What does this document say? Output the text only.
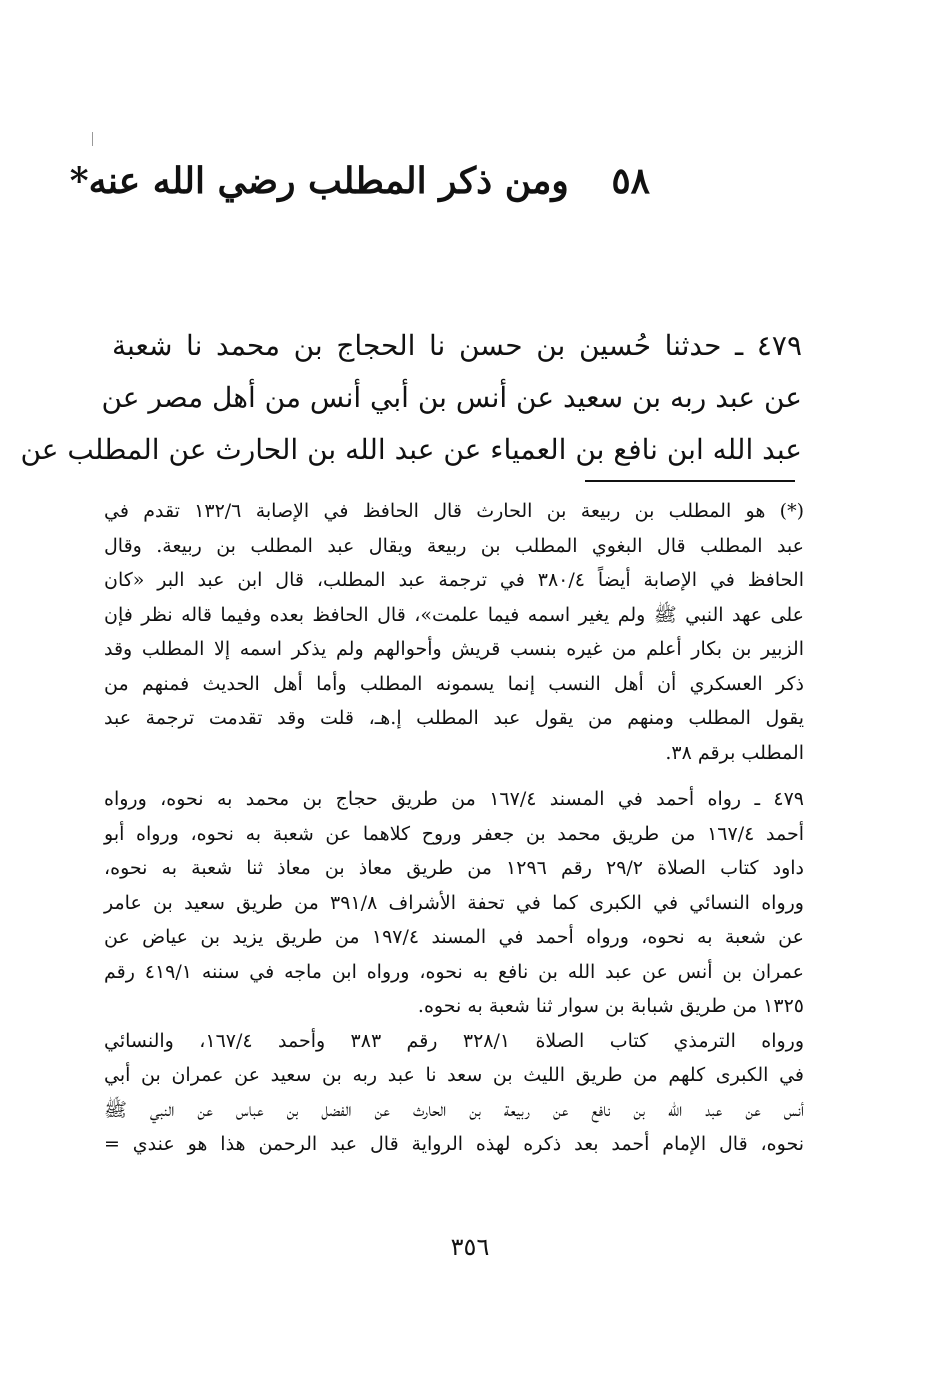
٥٨ ومن ذكر المطلب رضي الله عنه*
٤٧٩ ـ حدثنا حُسين بن حسن نا الحجاج بن محمد نا شعبة
عن عبد ربه بن سعيد عن أنس بن أبي أنس من أهل مصر عن
عبد الله ابن نافع بن العمياء عن عبد الله بن الحارث عن المطلب عن
(*) هو المطلب بن ربيعة بن الحارث قال الحافظ في الإصابة ١٣٢/٦ تقدم في
عبد المطلب قال البغوي المطلب بن ربيعة ويقال عبد المطلب بن ربيعة. وقال
الحافظ في الإصابة أيضاً ٣٨٠/٤ في ترجمة عبد المطلب، قال ابن عبد البر «كان
على عهد النبي ﷺ ولم يغير اسمه فيما علمت»، قال الحافظ بعده وفيما قاله نظر فإن
الزبير بن بكار أعلم من غيره بنسب قريش وأحوالهم ولم يذكر اسمه إلا المطلب وقد
ذكر العسكري أن أهل النسب إنما يسمونه المطلب وأما أهل الحديث فمنهم من
يقول المطلب ومنهم من يقول عبد المطلب إ.هـ، قلت وقد تقدمت ترجمة عبد
المطلب برقم ٣٨.
٤٧٩ ـ رواه أحمد في المسند ١٦٧/٤ من طريق حجاج بن محمد به نحوه، ورواه
أحمد ١٦٧/٤ من طريق محمد بن جعفر وروح كلاهما عن شعبة به نحوه، ورواه أبو
داود كتاب الصلاة ٢٩/٢ رقم ١٢٩٦ من طريق معاذ بن معاذ ثنا شعبة به نحوه،
ورواه النسائي في الكبرى كما في تحفة الأشراف ٣٩١/٨ من طريق سعيد بن عامر
عن شعبة به نحوه، ورواه أحمد في المسند ١٩٧/٤ من طريق يزيد بن عياض عن
عمران بن أنس عن عبد الله بن نافع به نحوه، ورواه ابن ماجه في سننه ٤١٩/١ رقم
١٣٢٥ من طريق شبابة بن سوار ثنا شعبة به نحوه.
ورواه الترمذي كتاب الصلاة ٣٢٨/١ رقم ٣٨٣ وأحمد ١٦٧/٤، والنسائي
في الكبرى كلهم من طريق الليث بن سعد نا عبد ربه بن سعيد عن عمران بن أبي
أنس عن عبد الله بن نافع عن ربيعة بن الحارث عن الفضل بن عباس عن النبي ﷺ
نحوه، قال الإمام أحمد بعد ذكره لهذه الرواية قال عبد الرحمن هذا هو عندي =
٣٥٦
